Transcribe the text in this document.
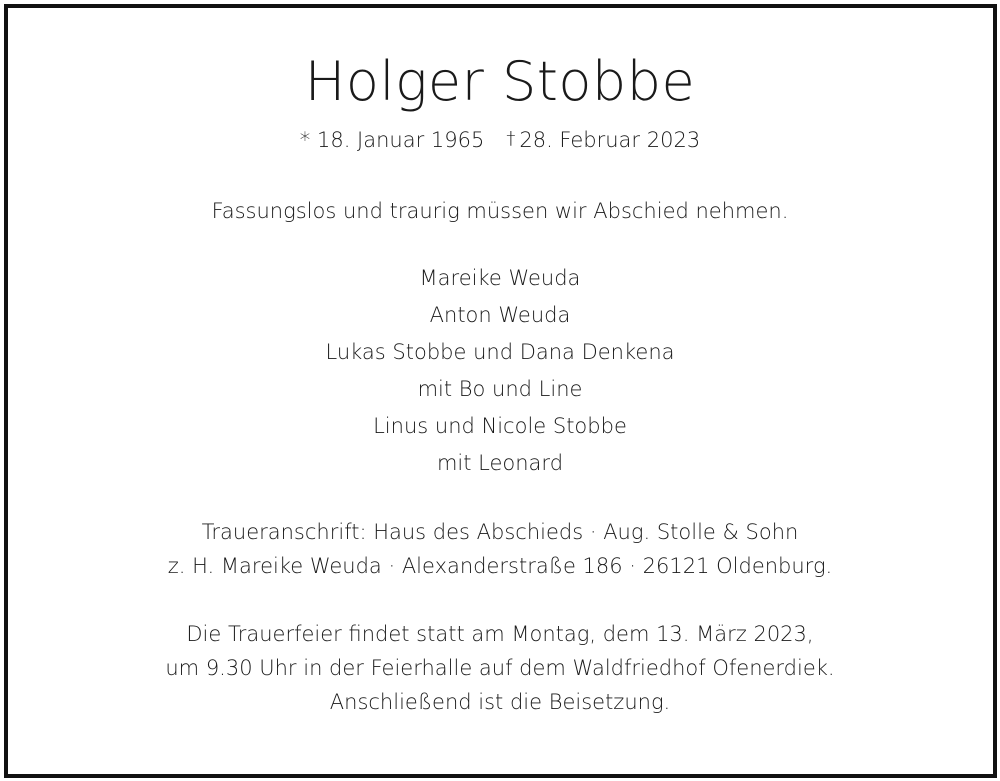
Holger Stobbe
* 18. Januar 1965 † 28. Februar 2023
Fassungslos und traurig müssen wir Abschied nehmen.
Mareike Weuda
Anton Weuda
Lukas Stobbe und Dana Denkena
mit Bo und Line
Linus und Nicole Stobbe
mit Leonard
Traueranschrift: Haus des Abschieds · Aug. Stolle & Sohn
z. H. Mareike Weuda · Alexanderstraße 186 · 26121 Oldenburg.
Die Trauerfeier findet statt am Montag, dem 13. März 2023,
um 9.30 Uhr in der Feierhalle auf dem Waldfriedhof Ofenerdiek.
Anschließend ist die Beisetzung.
